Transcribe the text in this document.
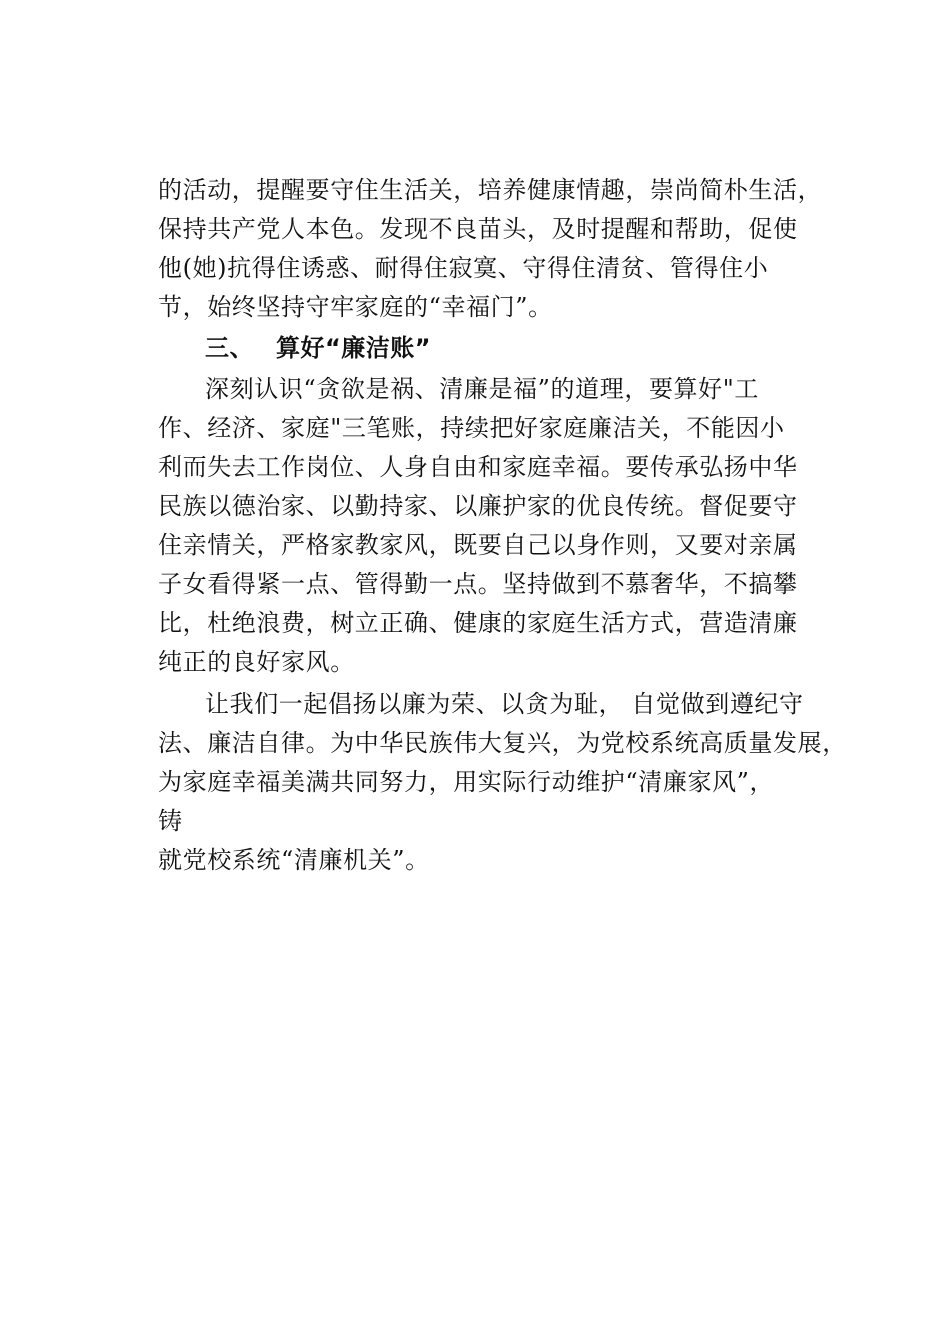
的活动，提醒要守住生活关，培养健康情趣，崇尚简朴生活，
保持共产党人本色。发现不良苗头，及时提醒和帮助，促使
他(她)抗得住诱惑、耐得住寂寞、守得住清贫、管得住小
节，始终坚持守牢家庭的“幸福门”。
三、 算好“廉洁账”
深刻认识“贪欲是祸、清廉是福”的道理，要算好"工
作、经济、家庭"三笔账，持续把好家庭廉洁关，不能因小
利而失去工作岗位、人身自由和家庭幸福。要传承弘扬中华
民族以德治家、以勤持家、以廉护家的优良传统。督促要守
住亲情关，严格家教家风，既要自己以身作则，又要对亲属
子女看得紧一点、管得勤一点。坚持做到不慕奢华，不搞攀
比，杜绝浪费，树立正确、健康的家庭生活方式，营造清廉
纯正的良好家风。
让我们一起倡扬以廉为荣、以贪为耻， 自觉做到遵纪守
法、廉洁自律。为中华民族伟大复兴，为党校系统高质量发展，
为家庭幸福美满共同努力，用实际行动维护“清廉家风”，
铸
就党校系统“清廉机关”。
